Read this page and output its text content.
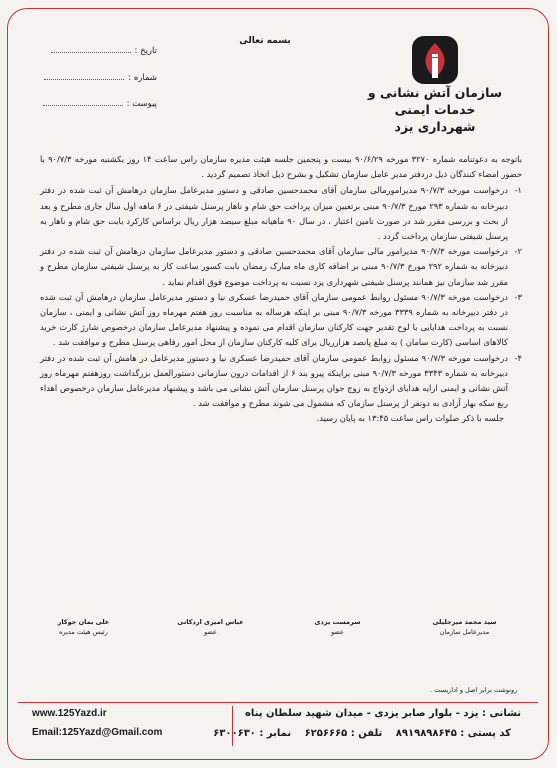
بسمه تعالی
تاریخ :
شماره :
پیوست :
سازمان آتش نشانی و خدمات ایمنی
شهرداری یزد

باتوجه به دعوتنامه شماره ۳۲۷۰ مورخه ۹۰/۶/۲۹ بیست و پنجمین جلسه هیئت مدیره سازمان راس ساعت ۱۴ روز یکشنبه مورخه ۹۰/۷/۳ با حضور امضاء کنندگان ذیل دردفتر مدیر عامل سازمان تشکیل و بشرح ذیل اتخاذ تصمیم گردید .

۱-
درخواست مورخه ۹۰/۷/۳ مدیرامورمالی سازمان آقای محمدحسین صادقی و دستور مدیرعامل سازمان درهامش آن ثبت شده در دفتر دبیرخانه به شماره ۲۹۳ مورخ ۹۰/۷/۳ مبنی برتعیین میزان پرداخت حق شام و ناهار پرسنل شیفتی در ۶ ماهه اول سال جاری مطرح و بعد از بحث و بررسی مقرر شد در صورت تامین اعتبار ، در سال ۹۰ ماهیانه مبلغ سیصد هزار ریال براساس کارکرد بابت حق شام و ناهار به پرسنل شیفتی سازمان پرداخت گردد .
۲-
درخواست مورخه ۹۰/۷/۳ مدیرامور مالی سازمان آقای محمدحسین صادقی و دستور مدیرعامل سازمان درهامش آن ثبت شده در دفتر دبیرخانه به شماره ۲۹۲ مورخ ۹۰/۷/۳ مبنی بر اضافه کاری ماه مبارک رمضان بابت کسور ساعت کار به پرسنل شیفتی سازمان مطرح و مقرر شد سازمان نیز همانند پرسنل شیفتی شهرداری یزد نسبت به پرداخت موضوع فوق اقدام نماید .
۳-
درخواست مورخه ۹۰/۷/۳ مسئول روابط عمومی سازمان آقای حمیدرضا عسکری نیا و دستور مدیرعامل سازمان درهامش آن ثبت شده در دفتر دبیرخانه به شماره ۳۳۳۹ مورخه ۹۰/۷/۳ مبنی بر اینکه هرساله به مناسبت روز هفتم مهرماه روز آتش نشانی و ایمنی ، سازمان نسبت به پرداخت هدایایی با لوح تقدیر جهت کارکنان سازمان اقدام می نموده و پیشنهاد مدیرعامل سازمان درخصوص شارژ کارت خرید کالاهای اساسی (کارت سامان ) به مبلغ پانصد هزارریال برای کلیه کارکنان سازمان از محل امور رفاهی پرسنل مطرح و موافقت شد .
۴-
درخواست مورخه ۹۰/۷/۳ مسئول روابط عمومی سازمان آقای حمیدرضا عسکری نیا و دستور مدیرعامل در هامش آن ثبت شده در دفتر دبیرخانه به شماره ۳۳۴۳ مورخه ۹۰/۷/۳ مبنی براینکه پیرو بند ۶ از اقدامات درون سازمانی دستورالعمل بزرگداشت روزهفتم مهرماه روز آتش نشانی و ایمنی ارایه هدایای ازدواج به زوج جوان پرسنل سازمان آتش نشانی می باشد و پیشنهاد مدیرعامل سازمان درخصوص اهداء ربع سکه بهار آزادی به دونفر از پرسنل سازمان که مشمول می شوند مطرح و موافقت شد .

جلسه با ذکر صلوات راس ساعت ۱۳:۴۵ به پایان رسید.

علی بمان جوکار
رئیس هیئت مدیره
عباس امیری اردکانی
عضو
سرمست یزدی
عضو
سید محمد میرجلیلی
مدیرعامل سازمان
رونوشت برابر اصل و اداریست .
نشانی : یزد - بلوار صابر یزدی - میدان شهید سلطان پناه
کد پستی : ۸۹۱۹۸۹۸۶۴۵ تلفن : ۶۲۵۶۶۶۵ نمابر : ۶۳۰۰۶۳۰
www.125Yazd.ir
Email:125Yazd@Gmail.com
